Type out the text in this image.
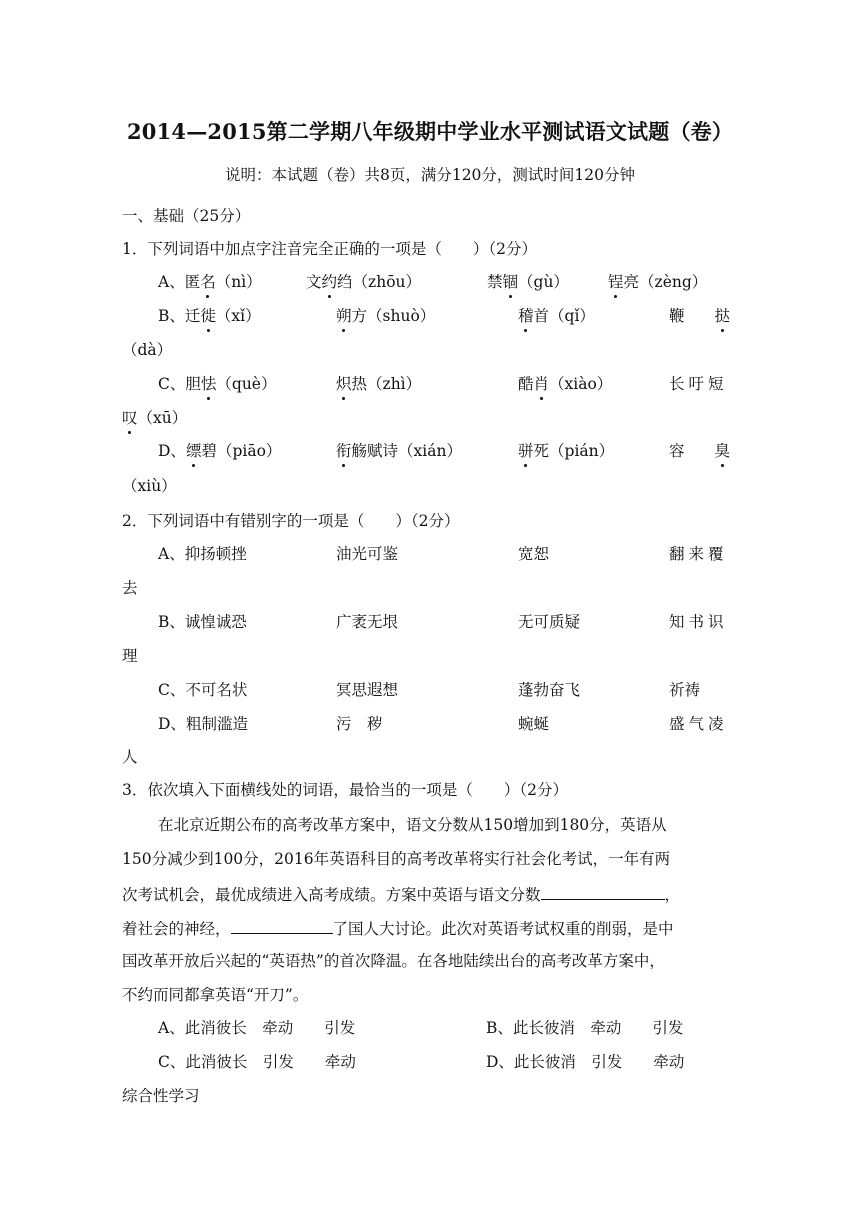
2014—2015第二学期八年级期中学业水平测试语文试题（卷）
说明：本试题（卷）共8页，满分120分，测试时间120分钟
一、基础（25分）
1．下列词语中加点字注音完全正确的一项是（　　）（2分）
A、匿名（nì）	文约绉（zhōu）	禁锢（gù）	锃亮（zèng）
B、迁徙（xǐ）	朔方（shuò）	稽首（qǐ）	鞭 挞
（dà）
C、胆怯（què）	炽热（zhì）	酷肖（xiào）	长吁短
叹（xū）
D、缥碧（piāo）	衔觞赋诗（xián）	骈死（pián）	容 臭
（xiù）
2．下列词语中有错别字的一项是（　　）（2分）
A、抑扬顿挫	油光可鉴	宽恕	翻来覆
去
B、诚惶诚恐	广袤无垠	无可质疑	知书识
理
C、不可名状	冥思遐想	蓬勃奋飞	祈祷
D、粗制滥造	污　秽	蜿蜒	盛气凌
人
3．依次填入下面横线处的词语，最恰当的一项是（　　）（2分）
在北京近期公布的高考改革方案中，语文分数从150增加到180分，英语从
150分减少到100分，2016年英语科目的高考改革将实行社会化考试，一年有两
次考试机会，最优成绩进入高考成绩。方案中英语与语文分数	，
着社会的神经，	了国人大讨论。此次对英语考试权重的削弱，是中
国改革开放后兴起的“英语热”的首次降温。在各地陆续出台的高考改革方案中，
不约而同都拿英语“开刀”。
A、此消彼长　牵动　　引发	B、此长彼消　牵动　　引发
C、此消彼长　引发　　牵动	D、此长彼消　引发　　牵动
综合性学习
